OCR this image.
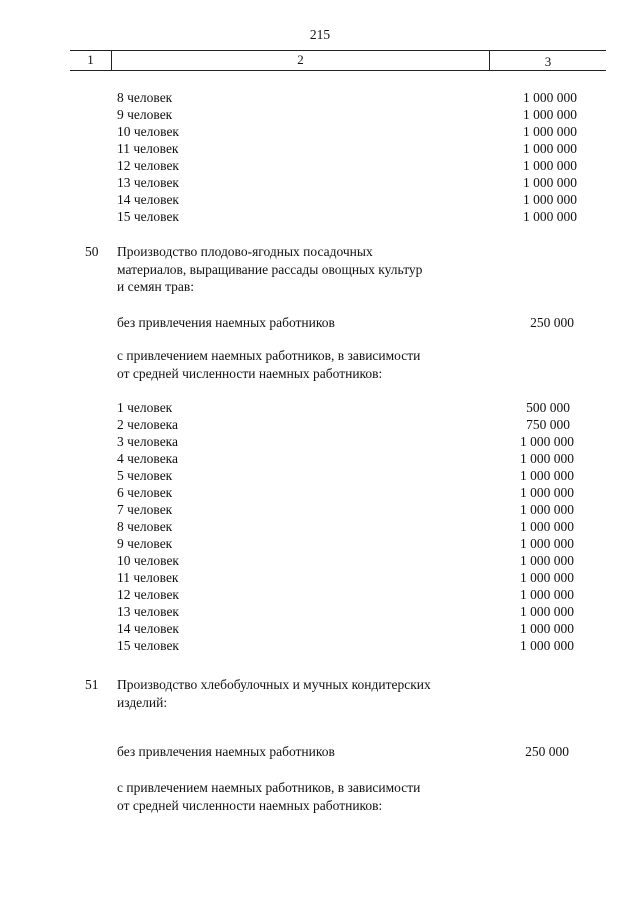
215
1	2	3
8 человек	1 000 000
9 человек	1 000 000
10 человек	1 000 000
11 человек	1 000 000
12 человек	1 000 000
13 человек	1 000 000
14 человек	1 000 000
15 человек	1 000 000
50 Производство плодово-ягодных посадочных
материалов, выращивание рассады овощных культур
и семян трав:
без привлечения наемных работников	250 000
с привлечением наемных работников, в зависимости
от средней численности наемных работников:
1 человек	500 000
2 человека	750 000
3 человека	1 000 000
4 человека	1 000 000
5 человек	1 000 000
6 человек	1 000 000
7 человек	1 000 000
8 человек	1 000 000
9 человек	1 000 000
10 человек	1 000 000
11 человек	1 000 000
12 человек	1 000 000
13 человек	1 000 000
14 человек	1 000 000
15 человек	1 000 000
51 Производство хлебобулочных и мучных кондитерских
изделий:
без привлечения наемных работников	250 000
с привлечением наемных работников, в зависимости
от средней численности наемных работников:
